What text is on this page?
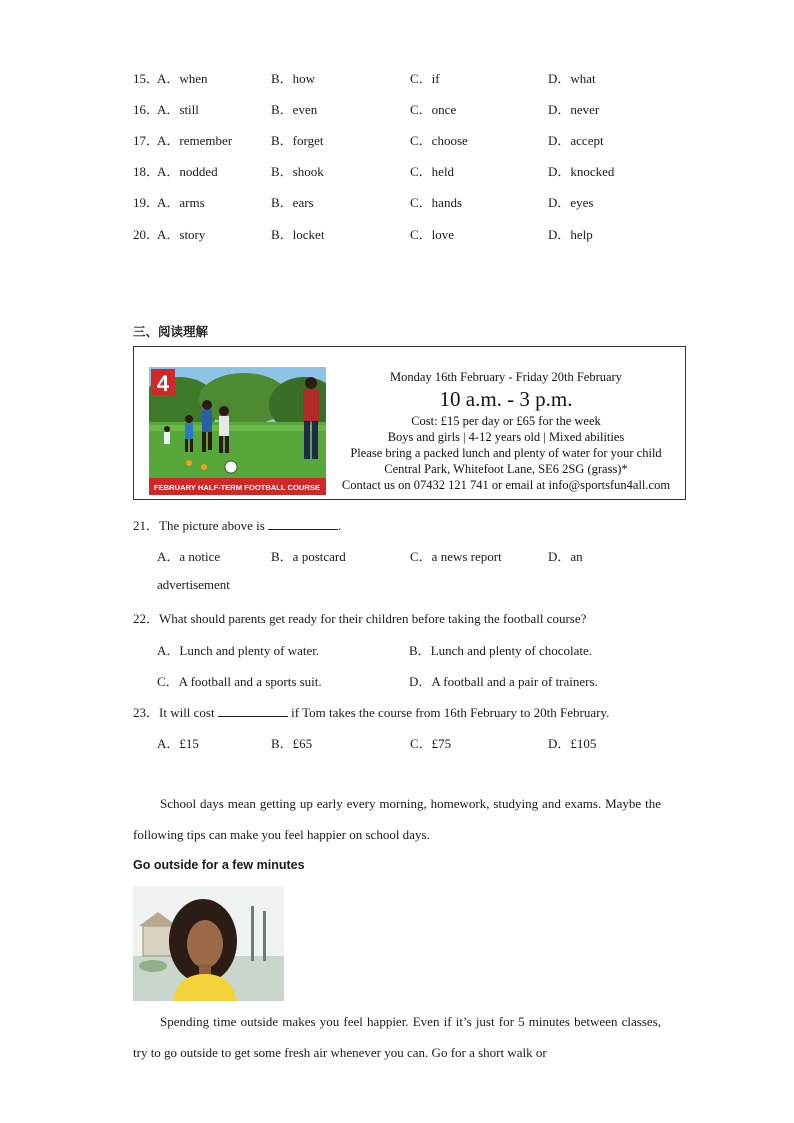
15．
A．when	B．how	C．if	D．what
16．
A．still	B．even	C．once	D．never
17．
A．remember	B．forget	C．choose	D．accept
18．
A．nodded	B．shook	C．held	D．knocked
19．
A．arms	B．ears	C．hands	D．eyes
20．
A．story	B．locket	C．love	D．help
三、阅读理解
4
FEBRUARY HALF-TERM FOOTBALL COURSE
Monday 16th February - Friday 20th February
10 a.m. - 3 p.m.
Cost: £15 per day or £65 for the week
Boys and girls | 4-12 years old | Mixed abilities
Please bring a packed lunch and plenty of water for your child
Central Park, Whitefoot Lane, SE6 2SG (grass)*
Contact us on 07432 121 741 or email at info@sportsfun4all.com
21．The picture above is	.
A．a notice	B．a postcard	C．a news report	D．an
advertisement
22．What should parents get ready for their children before taking the football course?
A．Lunch and plenty of water.	B．Lunch and plenty of chocolate.
C．A football and a sports suit.	D．A football and a pair of trainers.
23．It will cost	if Tom takes the course from 16th February to 20th February.
A．£15	B．£65	C．£75	D．£105
School days mean getting up early every morning, homework, studying and exams. Maybe the following tips can make you feel happier on school days.
Go outside for a few minutes
Spending time outside makes you feel happier. Even if it’s just for 5 minutes between classes, try to go outside to get some fresh air whenever you can. Go for a short walk or
